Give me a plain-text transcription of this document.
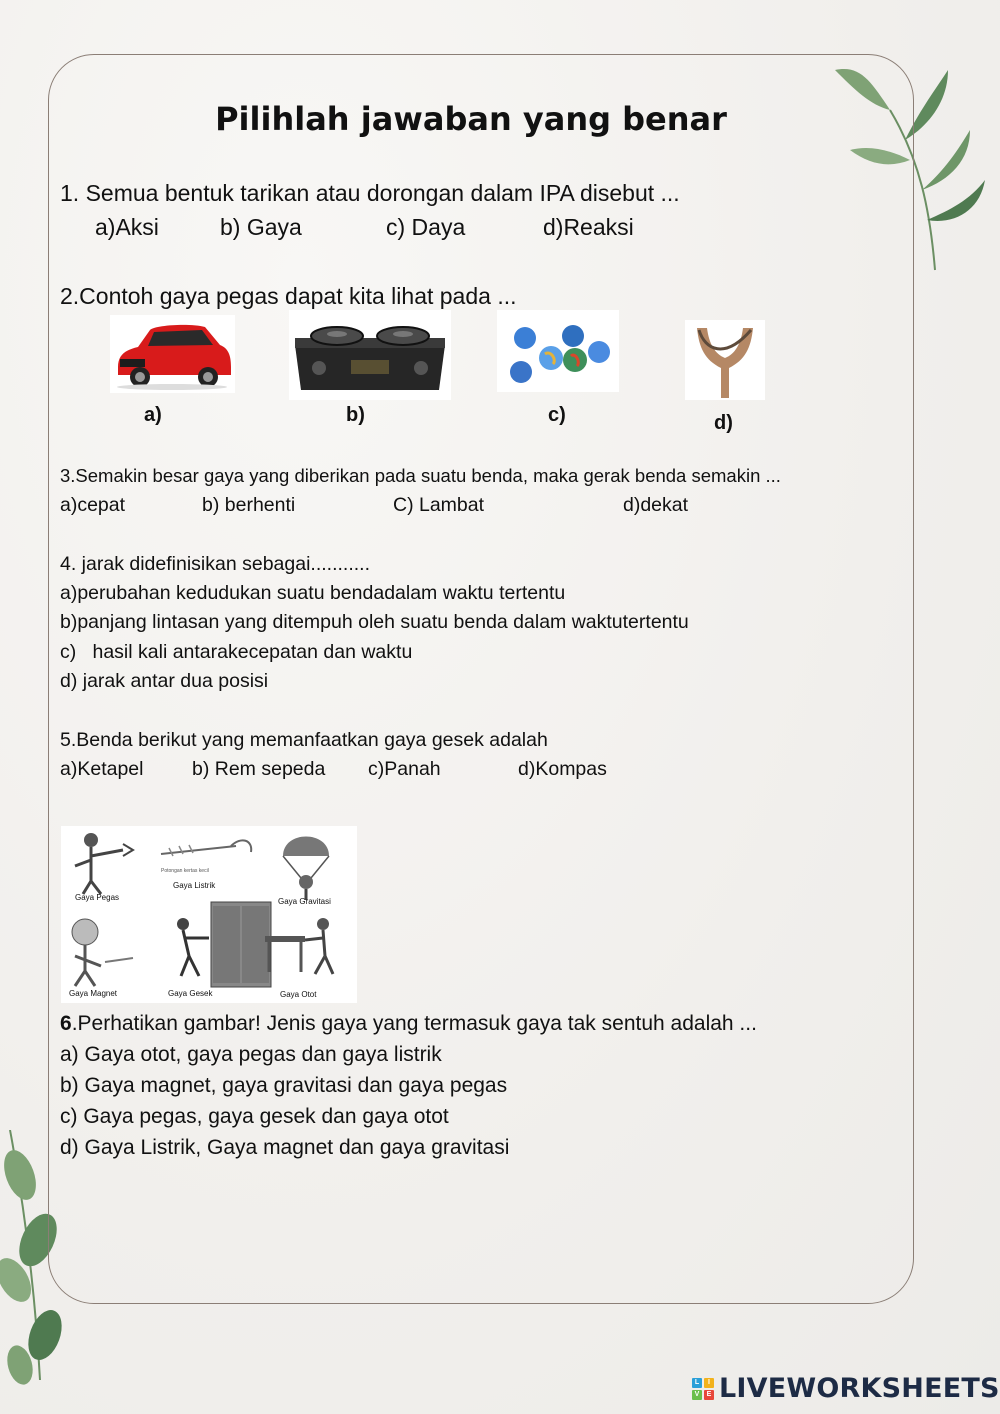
Pilihlah jawaban yang benar
1. Semua bentuk tarikan atau dorongan dalam IPA disebut ...
a)Aksi	b) Gaya	c) Daya	d)Reaksi
2.Contoh gaya pegas dapat kita lihat pada ...
a)	b)	c)	d)
3.Semakin besar gaya yang diberikan pada suatu benda, maka gerak benda semakin ...
a)cepat	b) berhenti	C) Lambat	d)dekat
4. jarak didefinisikan sebagai...........
a)perubahan kedudukan suatu bendadalam waktu tertentu
b)panjang lintasan yang ditempuh oleh suatu benda dalam waktutertentu
c)   hasil kali antarakecepatan dan waktu
d) jarak antar dua posisi
5.Benda berikut yang memanfaatkan gaya gesek adalah
a)Ketapel b) Rem sepeda c)Panah	d)Kompas
Potongan kertas kecil
Gaya Pegas
Gaya Listrik
Gaya Gravitasi
Gaya Magnet	Gaya Gesek	Gaya Otot
6.Perhatikan gambar! Jenis gaya yang termasuk gaya tak sentuh adalah ...
a) Gaya otot, gaya pegas dan gaya listrik
b) Gaya magnet, gaya gravitasi dan gaya pegas
c) Gaya pegas, gaya gesek dan gaya otot
d) Gaya Listrik, Gaya magnet dan gaya gravitasi
L	I
V	E LIVEWORKSHEETS
